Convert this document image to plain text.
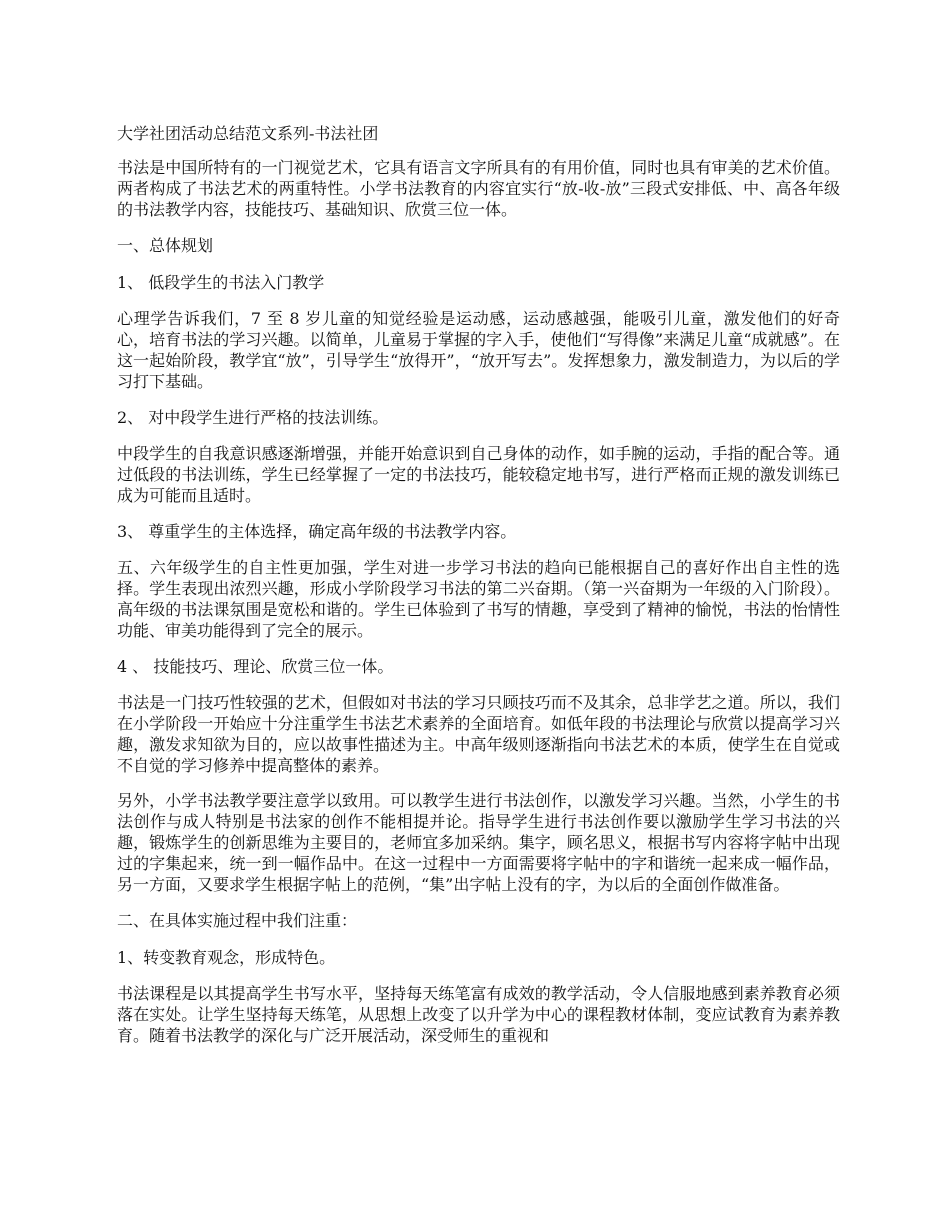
大学社团活动总结范文系列-书法社团

书法是中国所特有的一门视觉艺术，它具有语言文字所具有的有用价值，同时也具有审美的艺术价值。两者构成了书法艺术的两重特性。小学书法教育的内容宜实行“放-收-放”三段式安排低、中、高各年级的书法教学内容，技能技巧、基础知识、欣赏三位一体。

一、总体规划

1、 低段学生的书法入门教学

心理学告诉我们，7 至 8 岁儿童的知觉经验是运动感，运动感越强，能吸引儿童，激发他们的好奇心，培育书法的学习兴趣。以简单，儿童易于掌握的字入手，使他们“写得像”来满足儿童“成就感”。在这一起始阶段，教学宜“放”，引导学生“放得开”，“放开写去”。发挥想象力，激发制造力，为以后的学习打下基础。

2、 对中段学生进行严格的技法训练。

中段学生的自我意识感逐渐增强，并能开始意识到自己身体的动作，如手腕的运动，手指的配合等。通过低段的书法训练，学生已经掌握了一定的书法技巧，能较稳定地书写，进行严格而正规的激发训练已成为可能而且适时。

3、 尊重学生的主体选择，确定高年级的书法教学内容。

五、六年级学生的自主性更加强，学生对进一步学习书法的趋向已能根据自己的喜好作出自主性的选择。学生表现出浓烈兴趣，形成小学阶段学习书法的第二兴奋期。（第一兴奋期为一年级的入门阶段）。高年级的书法课氛围是宽松和谐的。学生已体验到了书写的情趣，享受到了精神的愉悦，书法的怡情性功能、审美功能得到了完全的展示。

4 、 技能技巧、理论、欣赏三位一体。

书法是一门技巧性较强的艺术，但假如对书法的学习只顾技巧而不及其余，总非学艺之道。所以，我们在小学阶段一开始应十分注重学生书法艺术素养的全面培育。如低年段的书法理论与欣赏以提高学习兴趣，激发求知欲为目的，应以故事性描述为主。中高年级则逐渐指向书法艺术的本质，使学生在自觉或不自觉的学习修养中提高整体的素养。

另外，小学书法教学要注意学以致用。可以教学生进行书法创作，以激发学习兴趣。当然，小学生的书法创作与成人特别是书法家的创作不能相提并论。指导学生进行书法创作要以激励学生学习书法的兴趣，锻炼学生的创新思维为主要目的，老师宜多加采纳。集字，顾名思义，根据书写内容将字帖中出现过的字集起来，统一到一幅作品中。在这一过程中一方面需要将字帖中的字和谐统一起来成一幅作品，另一方面，又要求学生根据字帖上的范例，“集”出字帖上没有的字，为以后的全面创作做准备。

二、在具体实施过程中我们注重：

1、转变教育观念，形成特色。

书法课程是以其提高学生书写水平，坚持每天练笔富有成效的教学活动，令人信服地感到素养教育必须落在实处。让学生坚持每天练笔，从思想上改变了以升学为中心的课程教材体制，变应试教育为素养教育。随着书法教学的深化与广泛开展活动，深受师生的重视和
